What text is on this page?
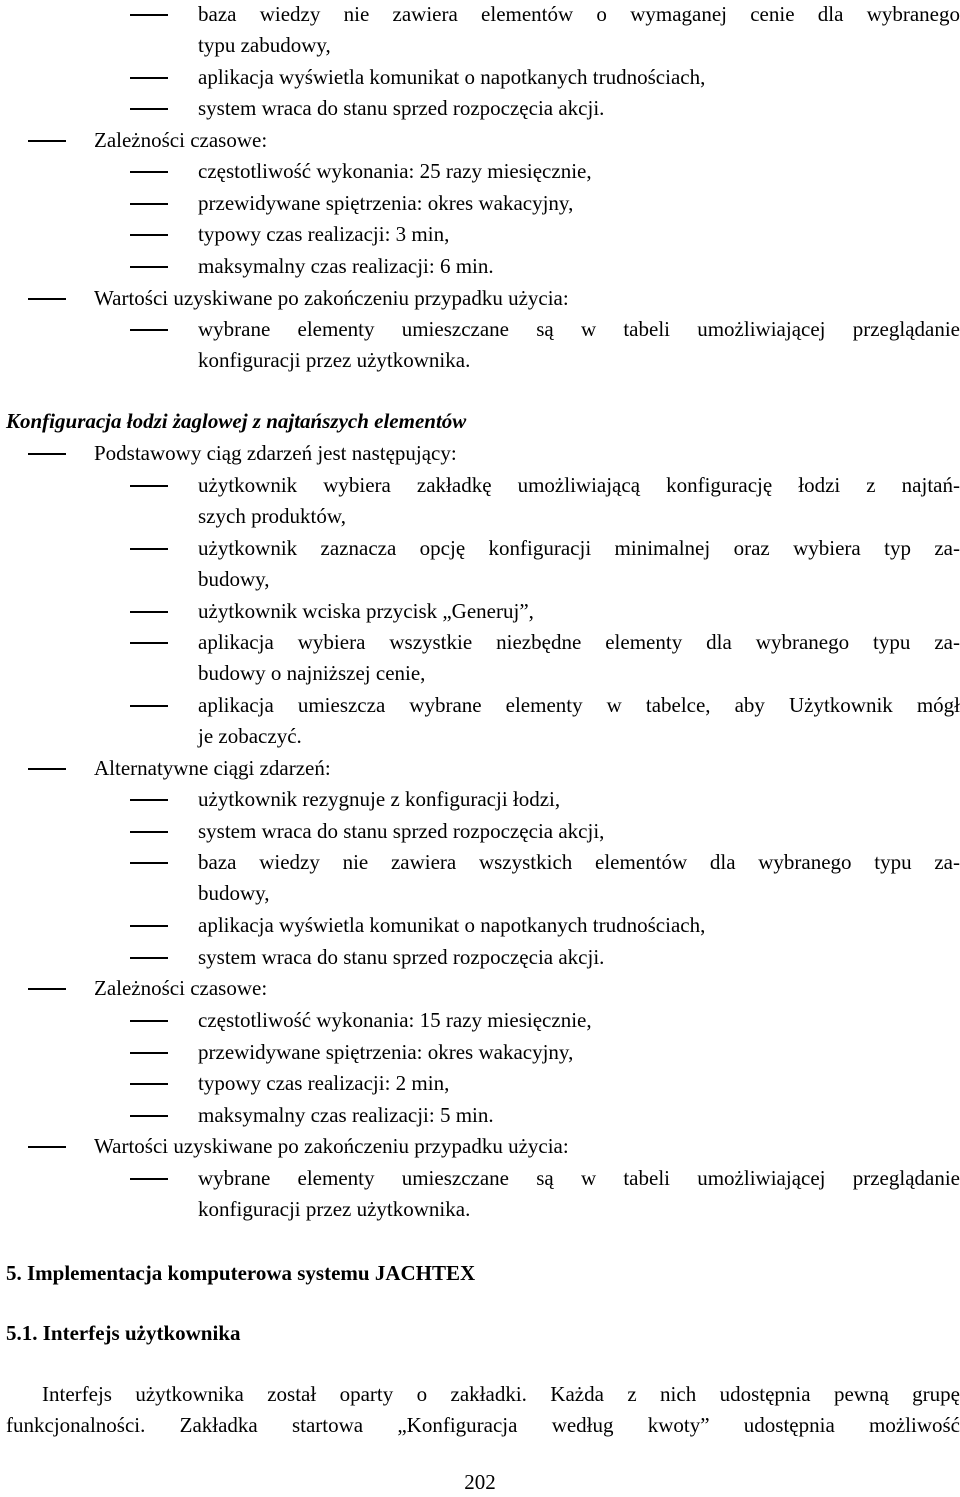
baza wiedzy nie zawiera elementów o wymaganej cenie dla wybranego
typu zabudowy,
aplikacja wyświetla komunikat o napotkanych trudnościach,
system wraca do stanu sprzed rozpoczęcia akcji.
Zależności czasowe:
częstotliwość wykonania: 25 razy miesięcznie,
przewidywane spiętrzenia: okres wakacyjny,
typowy czas realizacji: 3 min,
maksymalny czas realizacji: 6 min.
Wartości uzyskiwane po zakończeniu przypadku użycia:
wybrane elementy umieszczane są w tabeli umożliwiającej przeglądanie
konfiguracji przez użytkownika.
Konfiguracja łodzi żaglowej z najtańszych elementów
Podstawowy ciąg zdarzeń jest następujący:
użytkownik wybiera zakładkę umożliwiającą konfigurację łodzi z najtań-
szych produktów,
użytkownik zaznacza opcję konfiguracji minimalnej oraz wybiera typ za-
budowy,
użytkownik wciska przycisk „Generuj”,
aplikacja wybiera wszystkie niezbędne elementy dla wybranego typu za-
budowy o najniższej cenie,
aplikacja umieszcza wybrane elementy w tabelce, aby Użytkownik mógł
je zobaczyć.
Alternatywne ciągi zdarzeń:
użytkownik rezygnuje z konfiguracji łodzi,
system wraca do stanu sprzed rozpoczęcia akcji,
baza wiedzy nie zawiera wszystkich elementów dla wybranego typu za-
budowy,
aplikacja wyświetla komunikat o napotkanych trudnościach,
system wraca do stanu sprzed rozpoczęcia akcji.
Zależności czasowe:
częstotliwość wykonania: 15 razy miesięcznie,
przewidywane spiętrzenia: okres wakacyjny,
typowy czas realizacji: 2 min,
maksymalny czas realizacji: 5 min.
Wartości uzyskiwane po zakończeniu przypadku użycia:
wybrane elementy umieszczane są w tabeli umożliwiającej przeglądanie
konfiguracji przez użytkownika.
5. Implementacja komputerowa systemu JACHTEX
5.1. Interfejs użytkownika
Interfejs użytkownika został oparty o zakładki. Każda z nich udostępnia pewną grupę
funkcjonalności. Zakładka startowa „Konfiguracja według kwoty” udostępnia możliwość
202
